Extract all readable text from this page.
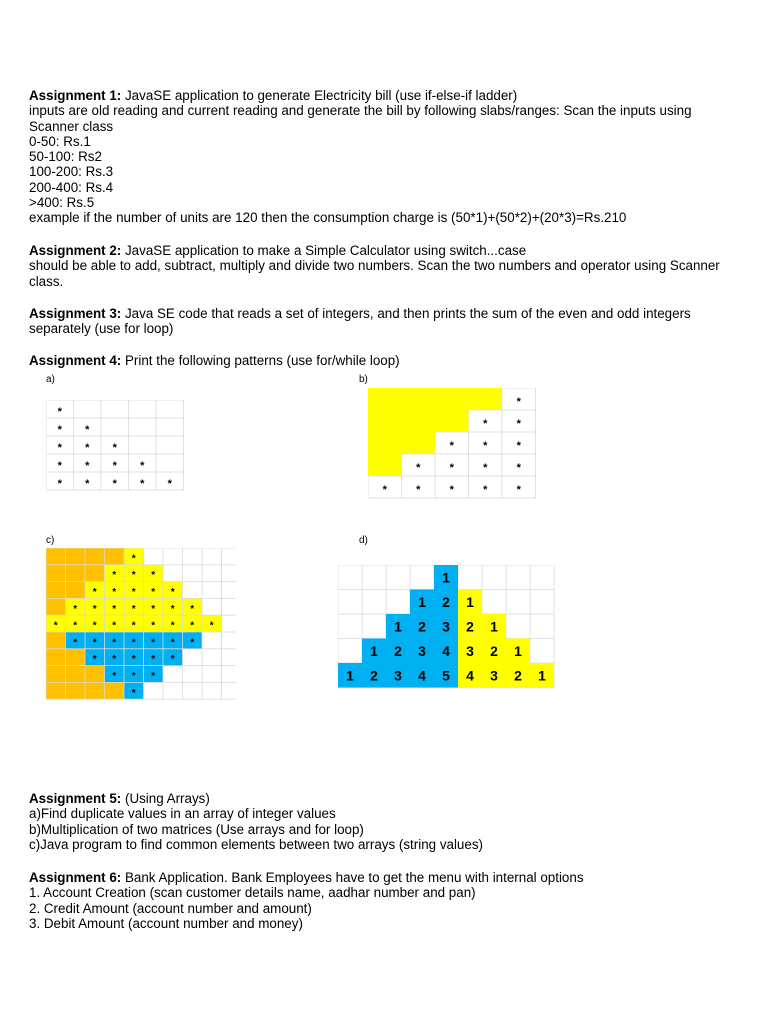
Assignment 1: JavaSE application to generate Electricity bill (use if-else-if ladder)
inputs are old reading and current reading and generate the bill by following slabs/ranges: Scan the inputs using Scanner class
0-50: Rs.1
50-100: Rs2
100-200: Rs.3
200-400: Rs.4
>400: Rs.5
example if the number of units are 120 then the consumption charge is (50*1)+(50*2)+(20*3)=Rs.210
Assignment 2: JavaSE application to make a Simple Calculator using switch...case
should be able to add, subtract, multiply and divide two numbers. Scan the two numbers and operator using Scanner class.
Assignment 3: Java SE code that reads a set of integers, and then prints the sum of the even and odd integers separately (use for loop)
Assignment 4: Print the following patterns (use for/while loop)
a)	b)
c)	d)
*
* *
* * *
* * * *
* * * * *
*
*	*
*	*	*
*	*	*	*
*	*	*	*	*
*
* * *
* * * * *
* * * * * * *
* * * * * * * * *
* * * * * * *
* * * * *
* * *
*
1
1 2 1
1 2 3 2 1
1 2 3 4 3 2 1
1 2 3 4 5 4 3 2 1
Assignment 5: (Using Arrays)
a)Find duplicate values in an array of integer values
b)Multiplication of two matrices (Use arrays and for loop)
c)Java program to find common elements between two arrays (string values)
Assignment 6: Bank Application. Bank Employees have to get the menu with internal options
1. Account Creation (scan customer details name, aadhar number and pan)
2. Credit Amount (account number and amount)
3. Debit Amount (account number and money)
